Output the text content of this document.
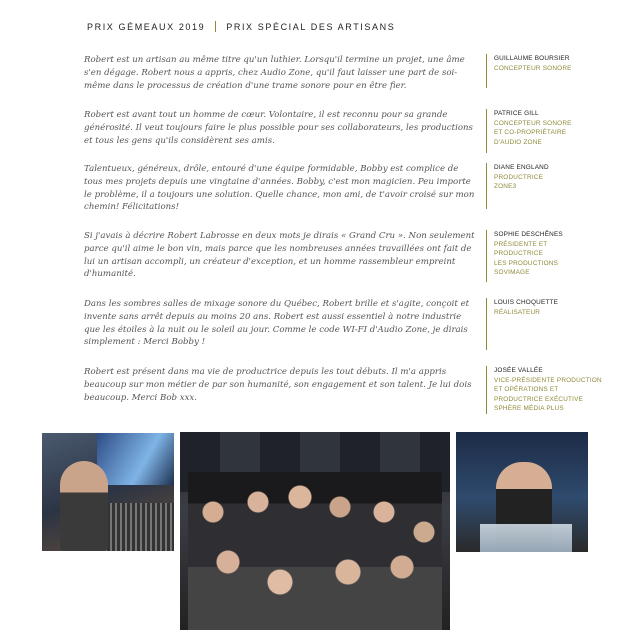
PRIX GÉMEAUX 2019 PRIX SPÉCIAL DES ARTISANS

Robert est un artisan au même titre qu'un luthier. Lorsqu'il termine un projet, une âme s'en dégage. Robert nous a appris, chez Audio Zone, qu'il faut laisser une part de soi-même dans le processus de création d'une trame sonore pour en être fier.

GUILLAUME BOURSIER
CONCEPTEUR SONORE

Robert est avant tout un homme de cœur. Volontaire, il est reconnu pour sa grande générosité. Il veut toujours faire le plus possible pour ses collaborateurs, les productions et tous les gens qu'ils considèrent ses amis.

PATRICE GILL
CONCEPTEUR SONORE
ET CO-PROPRIÉTAIRE
D'AUDIO ZONE

Talentueux, généreux, drôle, entouré d'une équipe formidable, Bobby est complice de tous mes projets depuis une vingtaine d'années. Bobby, c'est mon magicien. Peu importe le problème, il a toujours une solution. Quelle chance, mon ami, de t'avoir croisé sur mon chemin! Félicitations!

DIANE ENGLAND
PRODUCTRICE
ZONE3

Si j'avais à décrire Robert Labrosse en deux mots je dirais « Grand Cru ». Non seulement parce qu'il aime le bon vin, mais parce que les nombreuses années travaillées ont fait de lui un artisan accompli, un créateur d'exception, et un homme rassembleur empreint d'humanité.

SOPHIE DESCHÊNES
PRÉSIDENTE ET
PRODUCTRICE
LES PRODUCTIONS
SOVIMAGE

Dans les sombres salles de mixage sonore du Québec, Robert brille et s'agite, conçoit et invente sans arrêt depuis au moins 20 ans. Robert est aussi essentiel à notre industrie que les étoiles à la nuit ou le soleil au jour. Comme le code WI-FI d'Audio Zone, je dirais simplement : Merci Bobby !

LOUIS CHOQUETTE
RÉALISATEUR

Robert est présent dans ma vie de productrice depuis les tout débuts. Il m'a appris beaucoup sur mon métier de par son humanité, son engagement et son talent. Je lui dois beaucoup. Merci Bob xxx.

JOSÉE VALLÉE
VICE-PRÉSIDENTE PRODUCTION ET OPÉRATIONS ET
PRODUCTRICE EXÉCUTIVE
SPHÈRE MÉDIA PLUS
